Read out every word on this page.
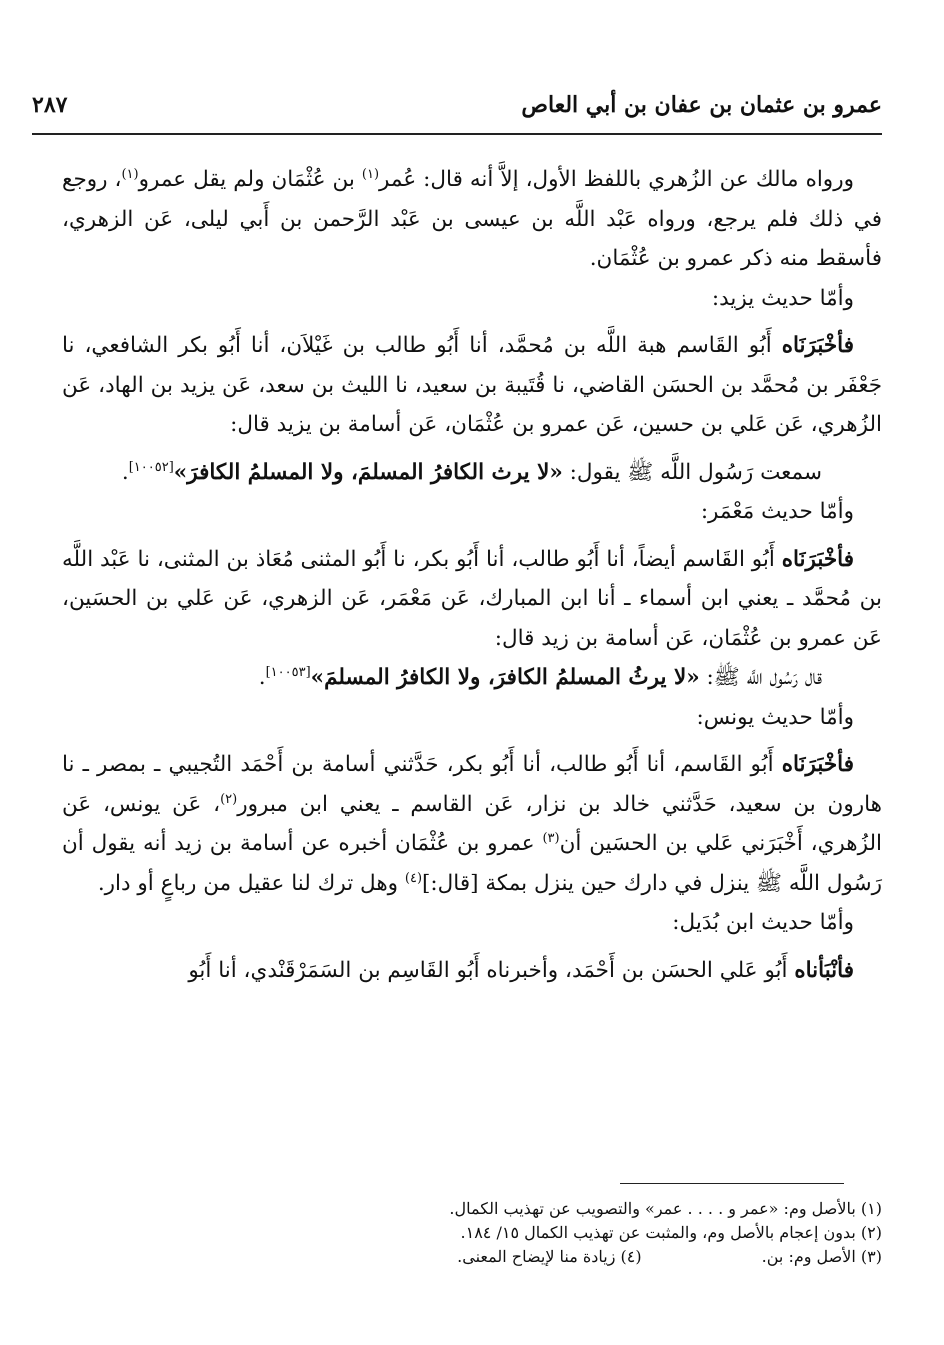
عمرو بن عثمان بن عفان بن أبي العاص
٢٨٧

ورواه مالك عن الزُهري باللفظ الأول، إلاَّ أنه قال: عُمر$^{(١)}$ بن عُثْمَان ولم يقل عمرو$^{(١)}$، روجع في ذلك فلم يرجع، ورواه عَبْد اللَّه بن عيسى بن عَبْد الرَّحمن بن أَبي ليلى، عَن الزهري، فأسقط منه ذكر عمرو بن عُثْمَان.

وأمّا حديث يزيد:

فأخْبَرَنَاه أَبُو القَاسم هبة اللَّه بن مُحمَّد، أنا أَبُو طالب بن غَيْلاَن، أنا أَبُو بكر الشافعي، نا جَعْفَر بن مُحمَّد بن الحسَن القاضي، نا قُتَيبة بن سعيد، نا الليث بن سعد، عَن يزيد بن الهاد، عَن الزُهري، عَن عَلي بن حسين، عَن عمرو بن عُثْمَان، عَن أسامة بن يزيد قال:

سمعت رَسُول اللَّه ﷺ يقول: «لا يرث الكافرُ المسلمَ، ولا المسلمُ الكافرَ»[١٠٠٥٢].

وأمّا حديث مَعْمَر:

فأخْبَرَنَاه أَبُو القَاسم أيضاً، أنا أَبُو طالب، أنا أَبُو بكر، نا أَبُو المثنى مُعَاذ بن المثنى، نا عَبْد اللَّه بن مُحمَّد ـ يعني ابن أسماء ـ أنا ابن المبارك، عَن مَعْمَر، عَن الزهري، عَن عَلي بن الحسَين، عَن عمرو بن عُثْمَان، عَن أسامة بن زيد قال:

قال رَسُول اللَّه ﷺ: «لا يرثُ المسلمُ الكافرَ، ولا الكافرُ المسلمَ»[١٠٠٥٣].

وأمّا حديث يونس:

فأخْبَرَنَاه أَبُو القَاسم، أنا أَبُو طالب، أنا أَبُو بكر، حَدَّثني أسامة بن أَحْمَد التُجيبي ـ بمصر ـ نا هارون بن سعيد، حَدَّثني خالد بن نزار، عَن القاسم ـ يعني ابن مبرور$^{(٢)}$، عَن يونس، عَن الزُهري، أَخْبَرَني عَلي بن الحسَين أن$^{(٣)}$ عمرو بن عُثْمَان أخبره عن أسامة بن زيد أنه يقول أن رَسُول اللَّه ﷺ ينزل في دارك حين ينزل بمكة [قال:]$^{(٤)}$ وهل ترك لنا عقيل من رباعٍ أو دار.

وأمّا حديث ابن بُدَيل:

فأنْبَأناه أَبُو عَلي الحسَن بن أَحْمَد، وأخبرناه أَبُو القَاسِم بن السَمَرْقَنْدي، أنا أَبُو

(١) بالأصل وم: «عمر و . . . . عمر» والتصويب عن تهذيب الكمال.
(٢) بدون إعجام بالأصل وم، والمثبت عن تهذيب الكمال ١٥/ ١٨٤.
(٣) الأصل وم: بن.
(٤) زيادة منا لإيضاح المعنى.
